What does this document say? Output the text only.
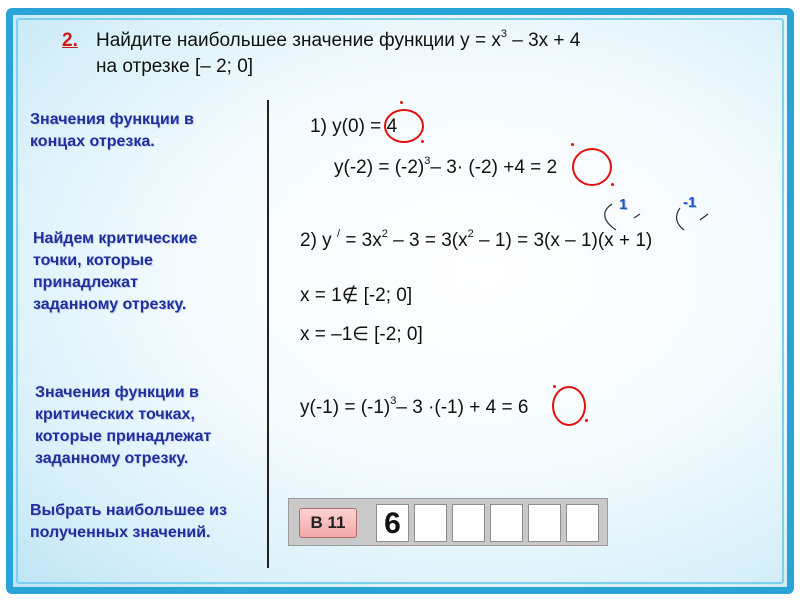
2. Найдите наибольшее значение функции $у = х^3 - 3х + 4$
на отрезке [– 2; 0]
Значения функции в
концах отрезка.
Найдем критические
точки, которые
принадлежат
заданному отрезку.
Значения функции в
критических точках,
которые принадлежат
заданному отрезку.
Выбрать наибольшее из
полученных значений.
1) у(0) = 4
$у(-2) = (-2)^3-$ 3· (-2) +4 = 2
1	-1
2) у $^/ = 3х^2 - 3 = 3(х^2 - 1) = 3(х - 1)(х + 1)$
х = 1∉ [-2; 0]
х = –1∈ [-2; 0]
$у(-1) = (-1)^3-$ 3 ·(-1) + 4 = 6
В 11	6
